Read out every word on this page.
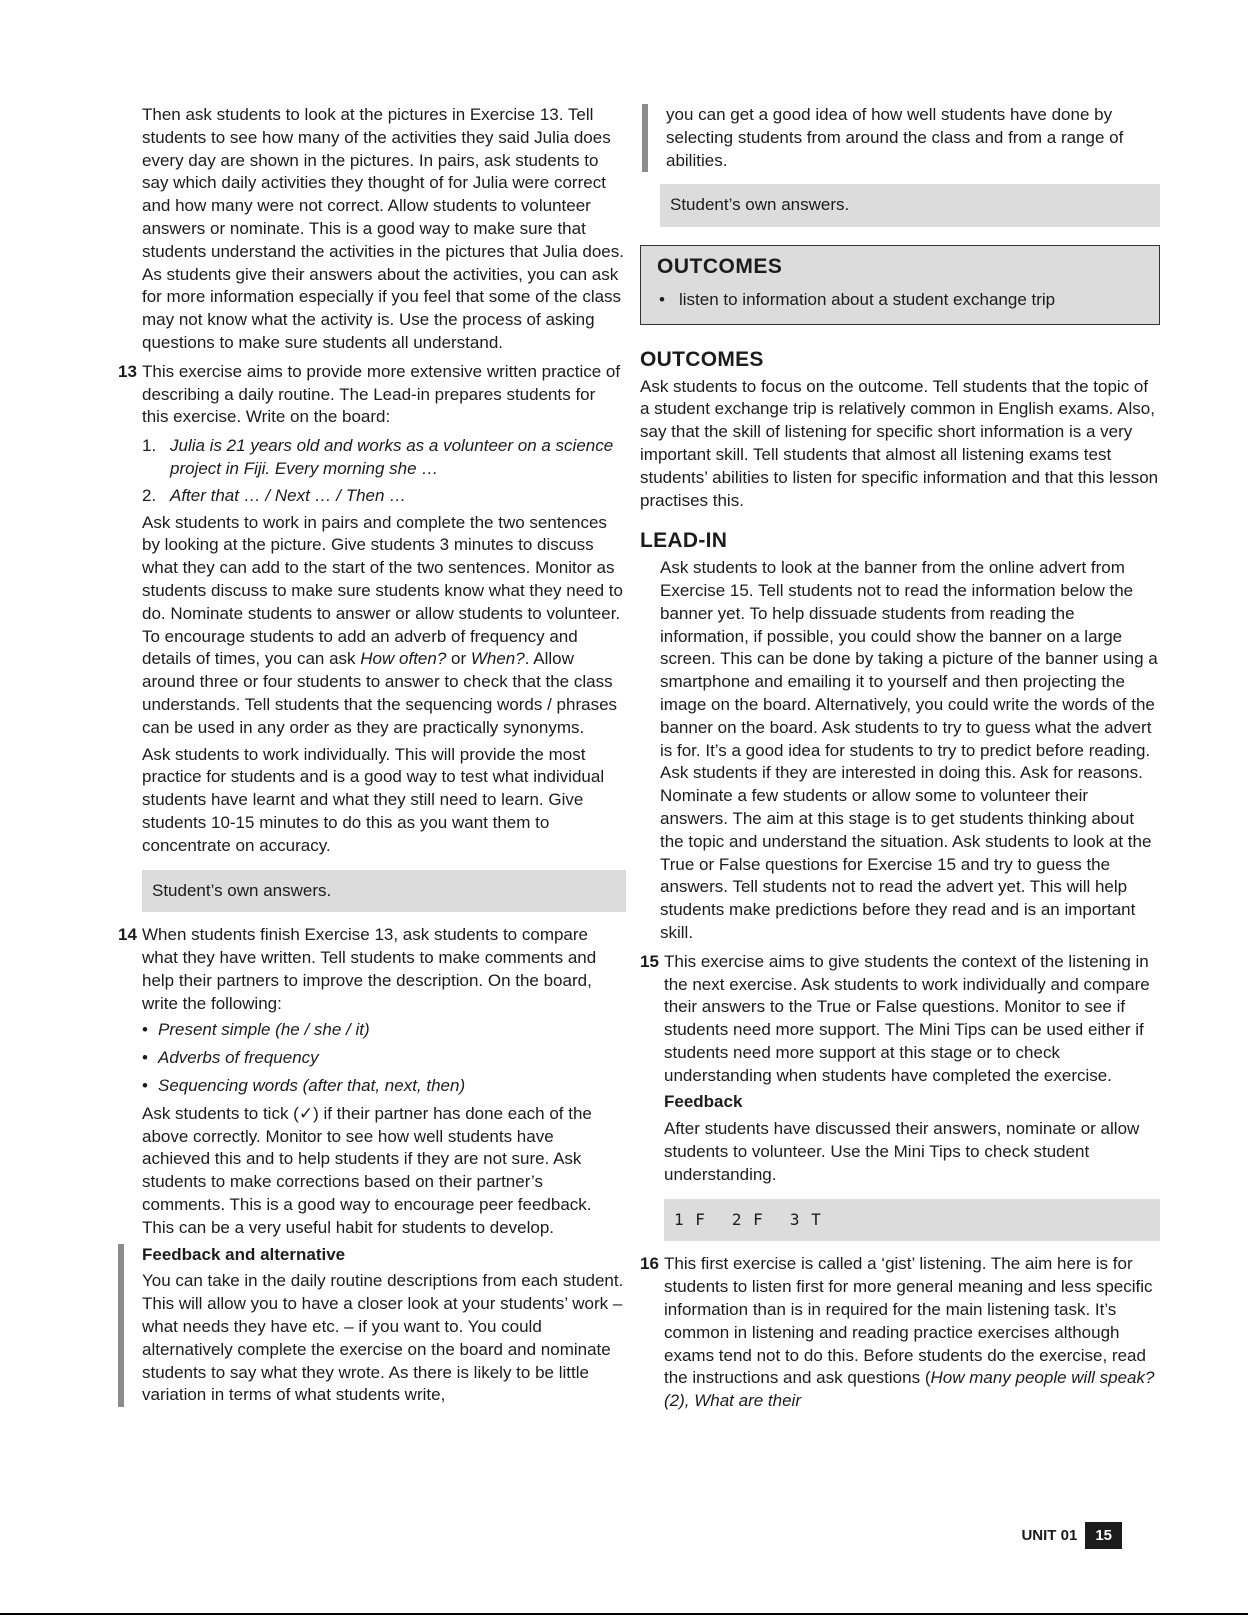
Then ask students to look at the pictures in Exercise 13. Tell students to see how many of the activities they said Julia does every day are shown in the pictures. In pairs, ask students to say which daily activities they thought of for Julia were correct and how many were not correct. Allow students to volunteer answers or nominate. This is a good way to make sure that students understand the activities in the pictures that Julia does. As students give their answers about the activities, you can ask for more information especially if you feel that some of the class may not know what the activity is. Use the process of asking questions to make sure students all understand.

13 This exercise aims to provide more extensive written practice of describing a daily routine. The Lead-in prepares students for this exercise. Write on the board:

1. Julia is 21 years old and works as a volunteer on a science project in Fiji. Every morning she …
2. After that … / Next … / Then …

Ask students to work in pairs and complete the two sentences by looking at the picture. Give students 3 minutes to discuss what they can add to the start of the two sentences. Monitor as students discuss to make sure students know what they need to do. Nominate students to answer or allow students to volunteer. To encourage students to add an adverb of frequency and details of times, you can ask How often? or When?. Allow around three or four students to answer to check that the class understands. Tell students that the sequencing words / phrases can be used in any order as they are practically synonyms.

Ask students to work individually. This will provide the most practice for students and is a good way to test what individual students have learnt and what they still need to learn. Give students 10-15 minutes to do this as you want them to concentrate on accuracy.

Student’s own answers.
14 When students finish Exercise 13, ask students to compare what they have written. Tell students to make comments and help their partners to improve the description. On the board, write the following:

• Present simple (he / she / it)
• Adverbs of frequency
• Sequencing words (after that, next, then)

Ask students to tick (✓) if their partner has done each of the above correctly. Monitor to see how well students have achieved this and to help students if they are not sure. Ask students to make corrections based on their partner’s comments. This is a good way to encourage peer feedback. This can be a very useful habit for students to develop.

Feedback and alternative

You can take in the daily routine descriptions from each student. This will allow you to have a closer look at your students’ work – what needs they have etc. – if you want to. You could alternatively complete the exercise on the board and nominate students to say what they wrote. As there is likely to be little variation in terms of what students write,

you can get a good idea of how well students have done by selecting students from around the class and from a range of abilities.

Student’s own answers.
OUTCOMES
• listen to information about a student exchange trip
OUTCOMES

Ask students to focus on the outcome. Tell students that the topic of a student exchange trip is relatively common in English exams. Also, say that the skill of listening for specific short information is a very important skill. Tell students that almost all listening exams test students’ abilities to listen for specific information and that this lesson practises this.

LEAD-IN

Ask students to look at the banner from the online advert from Exercise 15. Tell students not to read the information below the banner yet. To help dissuade students from reading the information, if possible, you could show the banner on a large screen. This can be done by taking a picture of the banner using a smartphone and emailing it to yourself and then projecting the image on the board. Alternatively, you could write the words of the banner on the board. Ask students to try to guess what the advert is for. It’s a good idea for students to try to predict before reading. Ask students if they are interested in doing this. Ask for reasons. Nominate a few students or allow some to volunteer their answers. The aim at this stage is to get students thinking about the topic and understand the situation. Ask students to look at the True or False questions for Exercise 15 and try to guess the answers. Tell students not to read the advert yet. This will help students make predictions before they read and is an important skill.

15 This exercise aims to give students the context of the listening in the next exercise. Ask students to work individually and compare their answers to the True or False questions. Monitor to see if students need more support. The Mini Tips can be used either if students need more support at this stage or to check understanding when students have completed the exercise.

Feedback

After students have discussed their answers, nominate or allow students to volunteer. Use the Mini Tips to check student understanding.

1 F 2 F 3 T
16 This first exercise is called a ‘gist’ listening. The aim here is for students to listen first for more general meaning and less specific information than is in required for the main listening task. It’s common in listening and reading practice exercises although exams tend not to do this. Before students do the exercise, read the instructions and ask questions (How many people will speak? (2), What are their

UNIT 01	15
